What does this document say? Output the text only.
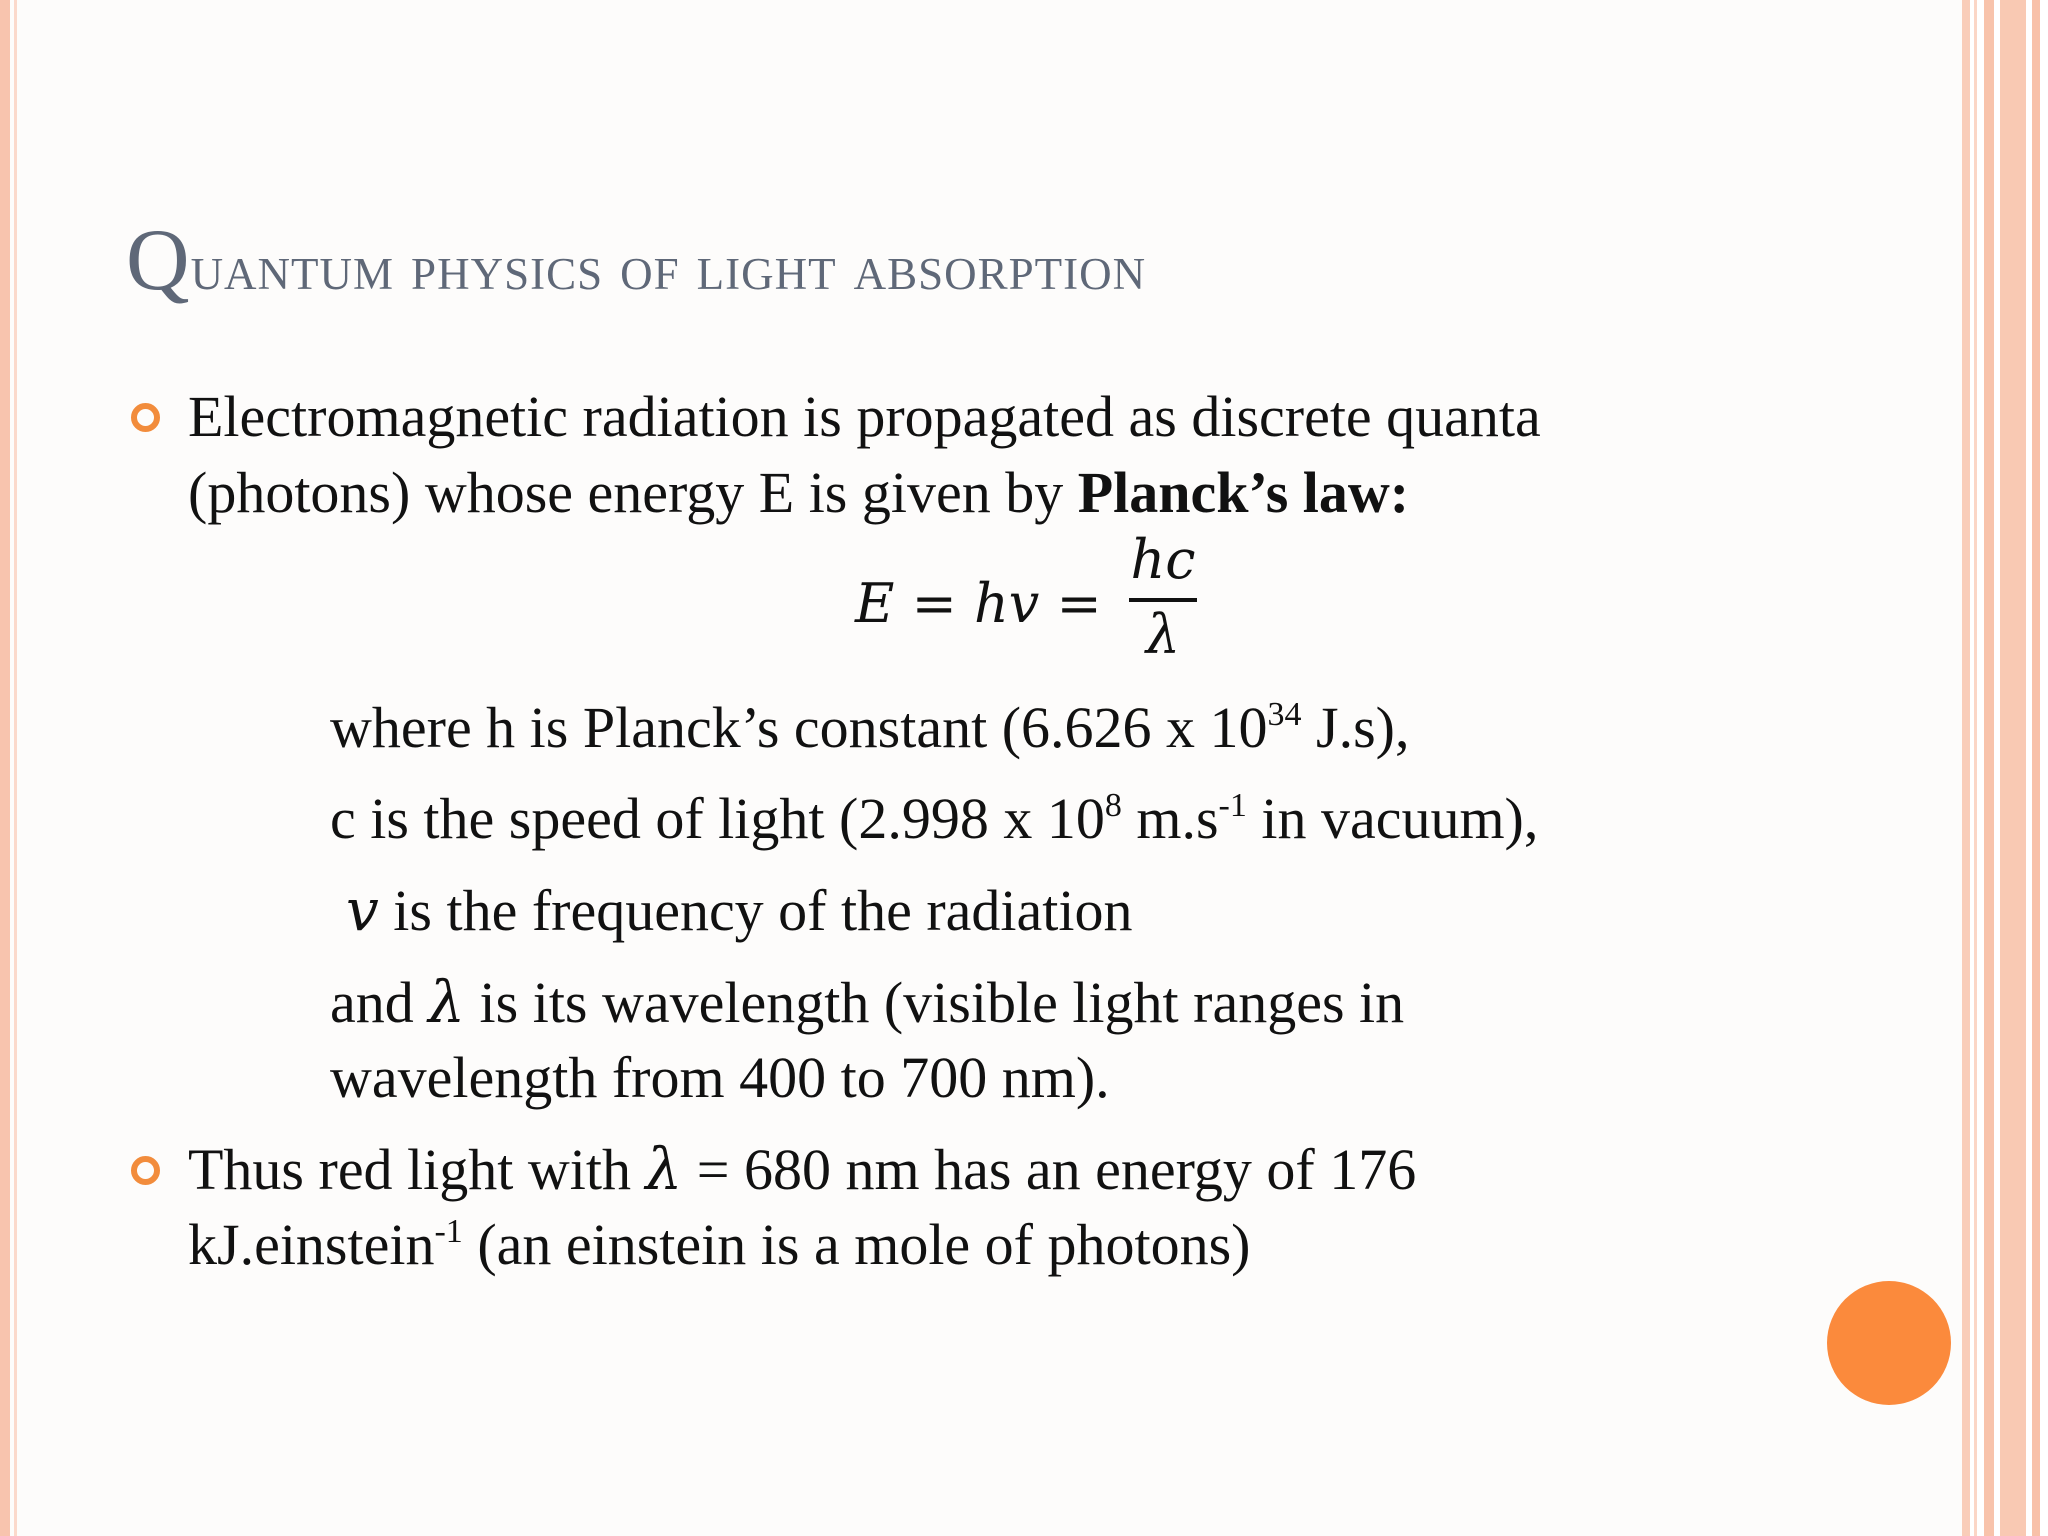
Quantum physics of light absorption
Electromagnetic radiation is propagated as discrete quanta
(photons) whose energy E is given by Planck’s law:
E = hv =
hc
λ
where h is Planck’s constant (6.626 x $10^{34}$ J.s),
c is the speed of light (2.998 x $10^8$ $m.s^{-1}$ in vacuum),
v is the frequency of the radiation
and λ is its wavelength (visible light ranges in
wavelength from 400 to 700 nm).
Thus red light with λ = 680 nm has an energy of 176
kJ.einstein$^{-1}$ (an einstein is a mole of photons)
